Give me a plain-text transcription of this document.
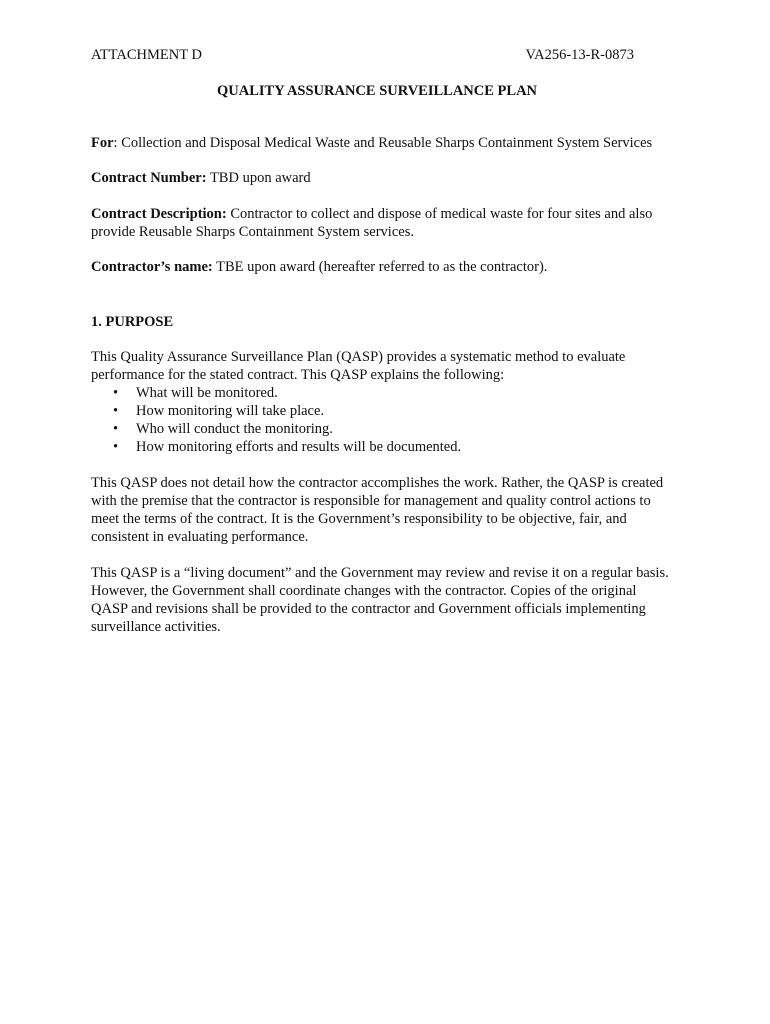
ATTACHMENT D	VA256-13-R-0873
QUALITY ASSURANCE SURVEILLANCE PLAN

For: Collection and Disposal Medical Waste and Reusable Sharps Containment System Services

Contract Number: TBD upon award

Contract Description: Contractor to collect and dispose of medical waste for four sites and also provide Reusable Sharps Containment System services.

Contractor’s name: TBE upon award (hereafter referred to as the contractor).

1. PURPOSE

This Quality Assurance Surveillance Plan (QASP) provides a systematic method to evaluate performance for the stated contract. This QASP explains the following:

• What will be monitored.
• How monitoring will take place.
• Who will conduct the monitoring.
• How monitoring efforts and results will be documented.

This QASP does not detail how the contractor accomplishes the work. Rather, the QASP is created with the premise that the contractor is responsible for management and quality control actions to meet the terms of the contract. It is the Government’s responsibility to be objective, fair, and consistent in evaluating performance.

This QASP is a “living document” and the Government may review and revise it on a regular basis. However, the Government shall coordinate changes with the contractor. Copies of the original QASP and revisions shall be provided to the contractor and Government officials implementing surveillance activities.
